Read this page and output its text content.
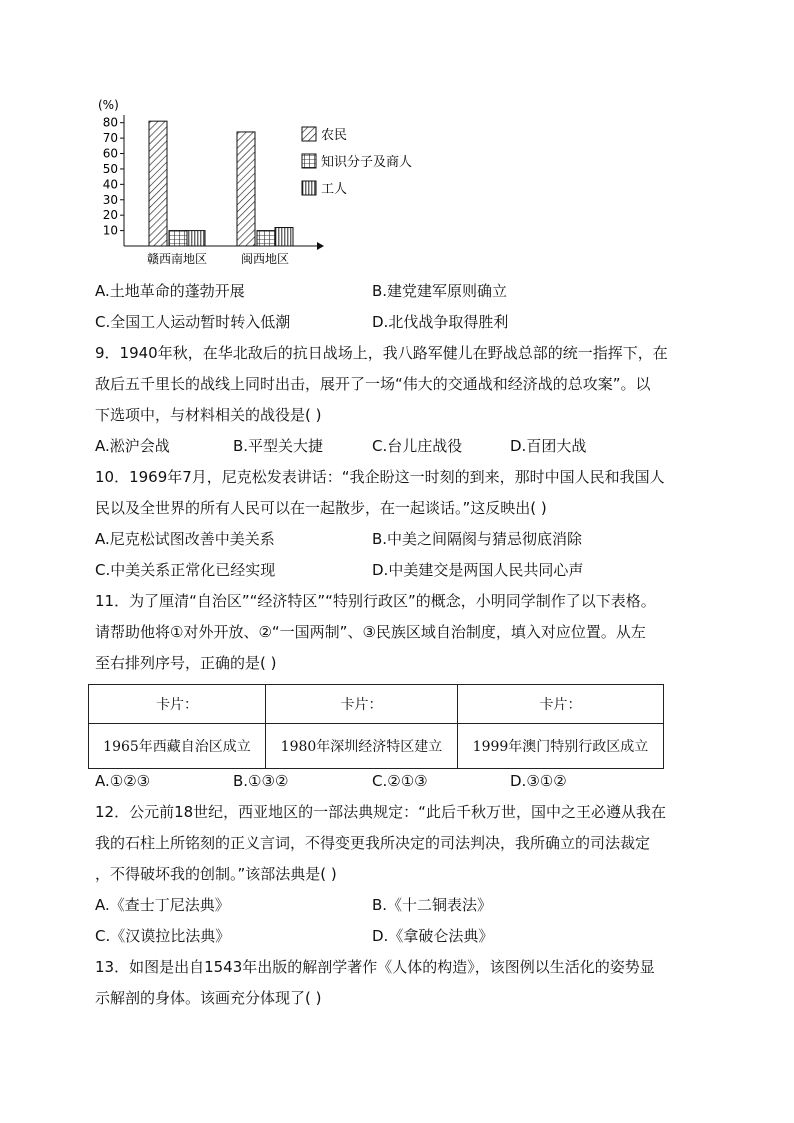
(%)
10
20
30
40
50
60
70
80
赣西南地区	闽西地区
农民
知识分子及商人
工人
A.土地革命的蓬勃开展	B.建党建军原则确立
C.全国工人运动暂时转入低潮	D.北伐战争取得胜利
9．1940年秋，在华北敌后的抗日战场上，我八路军健儿在野战总部的统一指挥下，在
敌后五千里长的战线上同时出击，展开了一场“伟大的交通战和经济战的总攻案”。以
下选项中，与材料相关的战役是( )
A.淞沪会战	B.平型关大捷	C.台儿庄战役	D.百团大战
10．1969年7月，尼克松发表讲话：“我企盼这一时刻的到来，那时中国人民和我国人
民以及全世界的所有人民可以在一起散步，在一起谈话。”这反映出( )
A.尼克松试图改善中美关系	B.中美之间隔阂与猜忌彻底消除
C.中美关系正常化已经实现	D.中美建交是两国人民共同心声
11．为了厘清“自治区”“经济特区”“特别行政区”的概念，小明同学制作了以下表格。
请帮助他将①对外开放、②“一国两制”、③民族区域自治制度，填入对应位置。从左
至右排列序号，正确的是( )
卡片：	卡片：	卡片：
1965年西藏自治区成立	1980年深圳经济特区建立	1999年澳门特别行政区成立
A.①②③	B.①③②	C.②①③	D.③①②
12．公元前18世纪，西亚地区的一部法典规定：“此后千秋万世，国中之王必遵从我在
我的石柱上所铭刻的正义言词，不得变更我所决定的司法判决，我所确立的司法裁定
，不得破坏我的创制。”该部法典是( )
A.《查士丁尼法典》	B.《十二铜表法》
C.《汉谟拉比法典》	D.《拿破仑法典》
13．如图是出自1543年出版的解剖学著作《人体的构造》，该图例以生活化的姿势显
示解剖的身体。该画充分体现了( )
